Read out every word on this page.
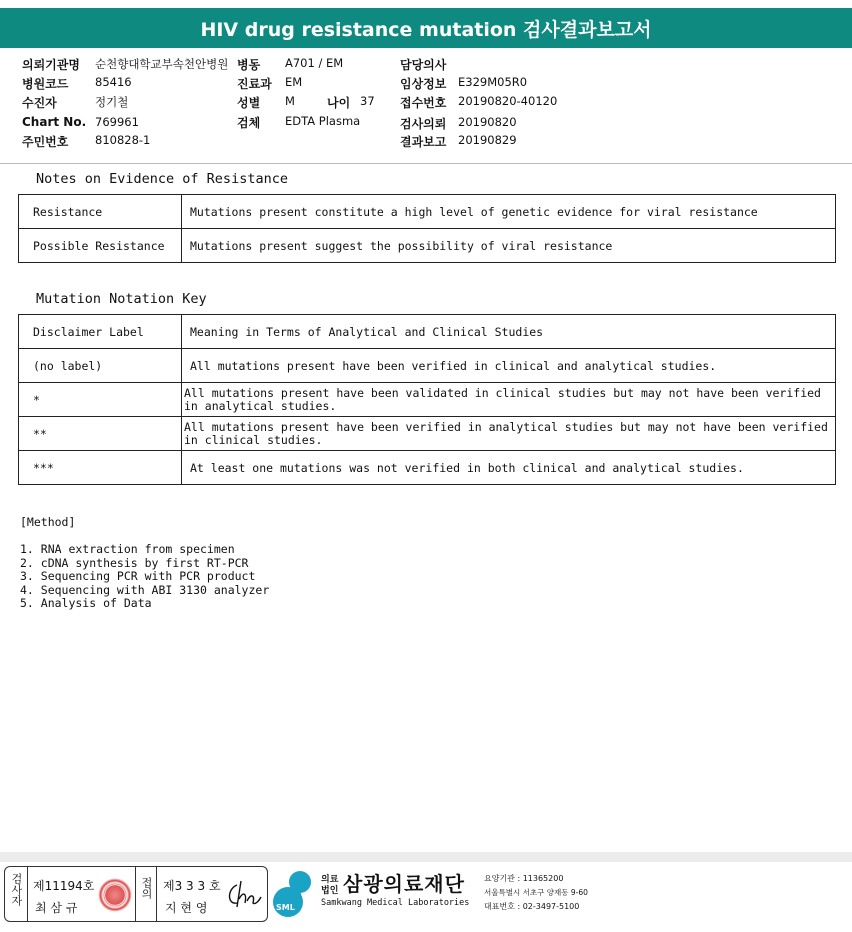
HIV drug resistance mutation 검사결과보고서
의뢰기관명 순천향대학교부속천안병원
병원코드 85416
수진자	정기철
Chart No. 769961
주민번호 810828-1
병동 A701 / EM
진료과 EM
성별 M	나이 37
검체 EDTA Plasma
담당의사
임상정보 E329M05R0
접수번호 20190820-40120
검사의뢰 20190820
결과보고 20190829
Notes on Evidence of Resistance
Resistance	Mutations present constitute a high level of genetic evidence for viral resistance
Possible Resistance	Mutations present suggest the possibility of viral resistance
Mutation Notation Key
Disclaimer Label	Meaning in Terms of Analytical and Clinical Studies
(no label)	All mutations present have been verified in clinical and analytical studies.
*	All mutations present have been validated in clinical studies but may not have been verified in analytical studies.
**	All mutations present have been verified in analytical studies but may not have been verified in clinical studies.
***	At least one mutations was not verified in both clinical and analytical studies.
[Method]
1. RNA extraction from specimen
2. cDNA synthesis by first RT-PCR
3. Sequencing PCR with PCR product
4. Sequencing with ABI 3130 analyzer
5. Analysis of Data
검사자 제11194호
최 삼 규
접의 제3 3 3 호
지 현 영	SML
의료
법인 삼광의료재단
Samkwang Medical Laboratories
요양기관 : 11365200
서울특별시 서초구 양재동 9-60
대표번호 : 02-3497-5100
